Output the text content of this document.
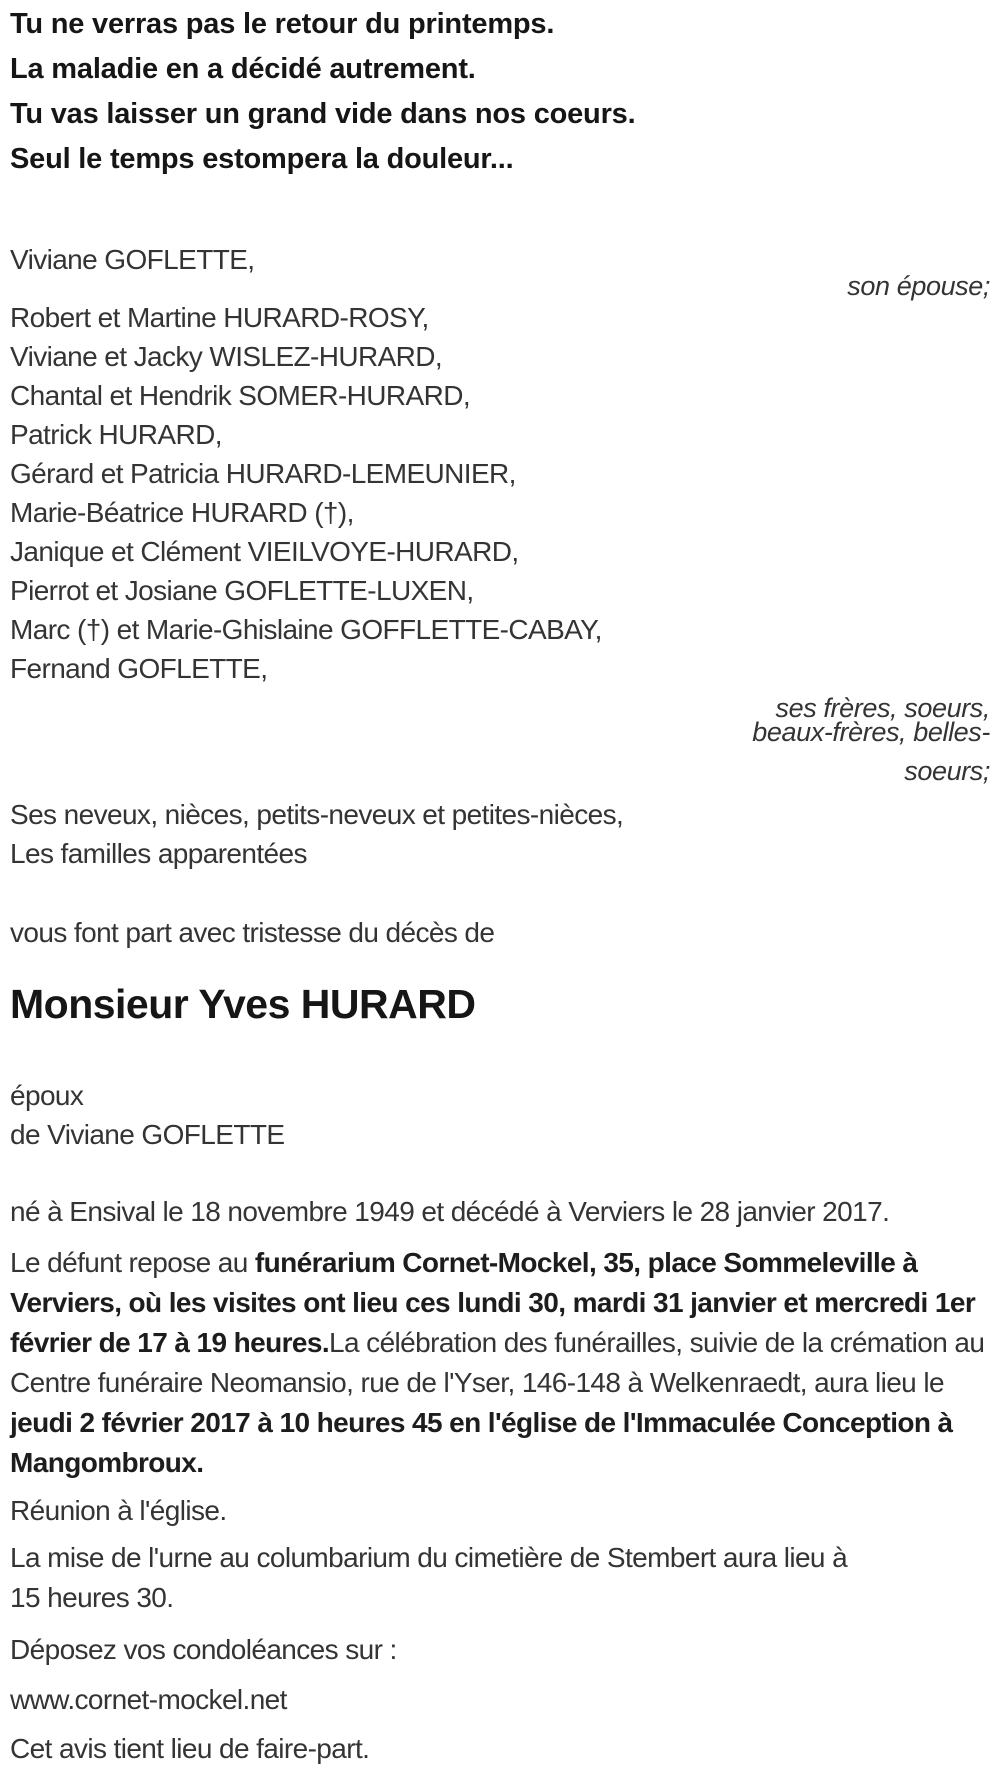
Tu ne verras pas le retour du printemps.

La maladie en a décidé autrement.

Tu vas laisser un grand vide dans nos coeurs.

Seul le temps estompera la douleur...

Viviane GOFLETTE,
son épouse;
Robert et Martine HURARD-ROSY,
Viviane et Jacky WISLEZ-HURARD,
Chantal et Hendrik SOMER-HURARD,
Patrick HURARD,
Gérard et Patricia HURARD-LEMEUNIER,
Marie-Béatrice HURARD (†),
Janique et Clément VIEILVOYE-HURARD,
Pierrot et Josiane GOFLETTE-LUXEN,
Marc (†) et Marie-Ghislaine GOFFLETTE-CABAY,
Fernand GOFLETTE,

ses frères, soeurs,

beaux-frères, belles-

soeurs;

Ses neveux, nièces, petits-neveux et petites-nièces,
Les familles apparentées
vous font part avec tristesse du décès de
Monsieur Yves HURARD
époux
de Viviane GOFLETTE
né à Ensival le 18 novembre 1949 et décédé à Verviers le 28 janvier 2017.

Le défunt repose au funérarium Cornet-Mockel, 35, place Sommeleville à Verviers, où les visites ont lieu ces lundi 30, mardi 31 janvier et mercredi 1er février de 17 à 19 heures.La célébration des funérailles, suivie de la crémation au Centre funéraire Neomansio, rue de l'Yser, 146-148 à Welkenraedt, aura lieu le jeudi 2 février 2017 à 10 heures 45 en l'église de l'Immaculée Conception à Mangombroux.

Réunion à l'église.
La mise de l'urne au columbarium du cimetière de Stembert aura lieu à
15 heures 30.
Déposez vos condoléances sur :
www.cornet-mockel.net
Cet avis tient lieu de faire-part.
